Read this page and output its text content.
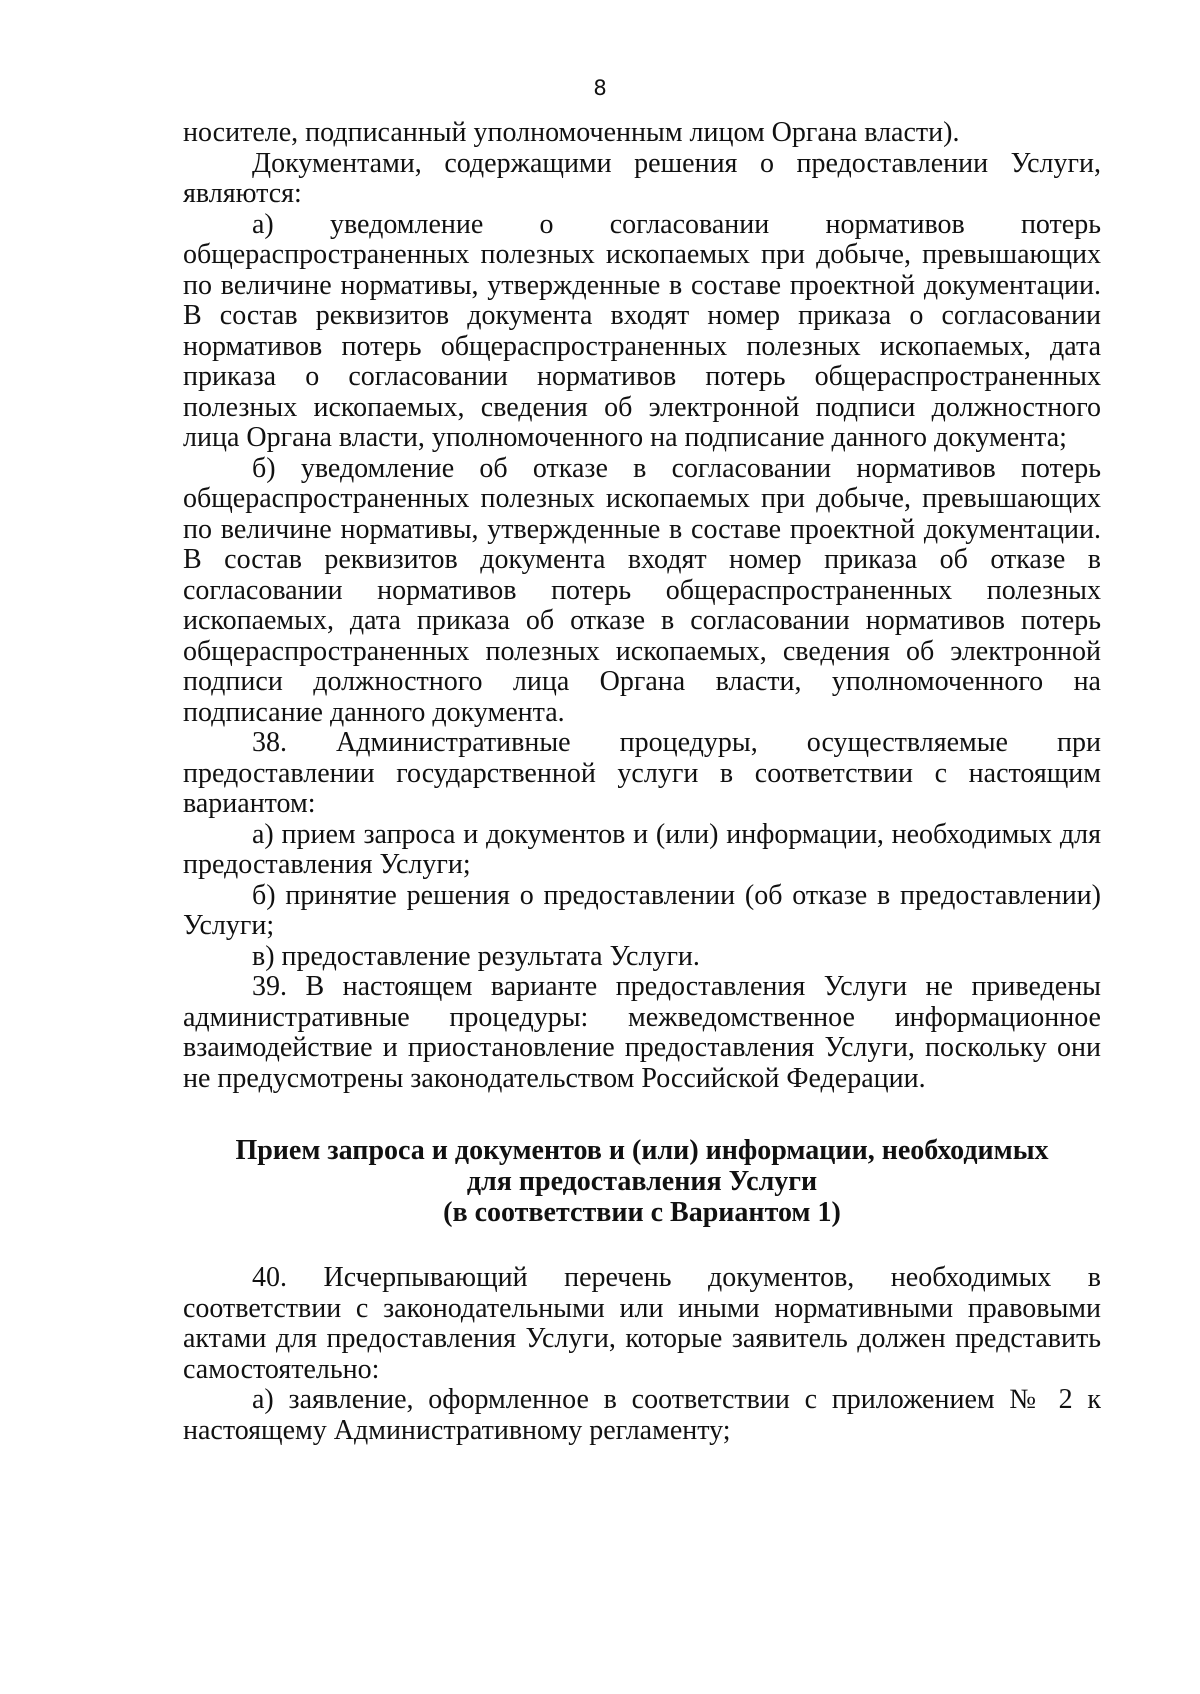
8

носителе, подписанный уполномоченным лицом Органа власти).

Документами, содержащими решения о предоставлении Услуги, являются:

а) уведомление о согласовании нормативов потерь общераспространенных полезных ископаемых при добыче, превышающих по величине нормативы, утвержденные в составе проектной документации. В состав реквизитов документа входят номер приказа о согласовании нормативов потерь общераспространенных полезных ископаемых, дата приказа о согласовании нормативов потерь общераспространенных полезных ископаемых, сведения об электронной подписи должностного лица Органа власти, уполномоченного на подписание данного документа;

б) уведомление об отказе в согласовании нормативов потерь общераспространенных полезных ископаемых при добыче, превышающих по величине нормативы, утвержденные в составе проектной документации. В состав реквизитов документа входят номер приказа об отказе в согласовании нормативов потерь общераспространенных полезных ископаемых, дата приказа об отказе в согласовании нормативов потерь общераспространенных полезных ископаемых, сведения об электронной подписи должностного лица Органа власти, уполномоченного на подписание данного документа.

38. Административные процедуры, осуществляемые при предоставлении государственной услуги в соответствии с настоящим вариантом:

а) прием запроса и документов и (или) информации, необходимых для предоставления Услуги;

б) принятие решения о предоставлении (об отказе в предоставлении) Услуги;

в) предоставление результата Услуги.

39. В настоящем варианте предоставления Услуги не приведены административные процедуры: межведомственное информационное взаимодействие и приостановление предоставления Услуги, поскольку они не предусмотрены законодательством Российской Федерации.

Прием запроса и документов и (или) информации, необходимых
для предоставления Услуги
(в соответствии с Вариантом 1)

40. Исчерпывающий перечень документов, необходимых в соответствии с законодательными или иными нормативными правовыми актами для предоставления Услуги, которые заявитель должен представить самостоятельно:

а) заявление, оформленное в соответствии с приложением № 2 к настоящему Административному регламенту;
